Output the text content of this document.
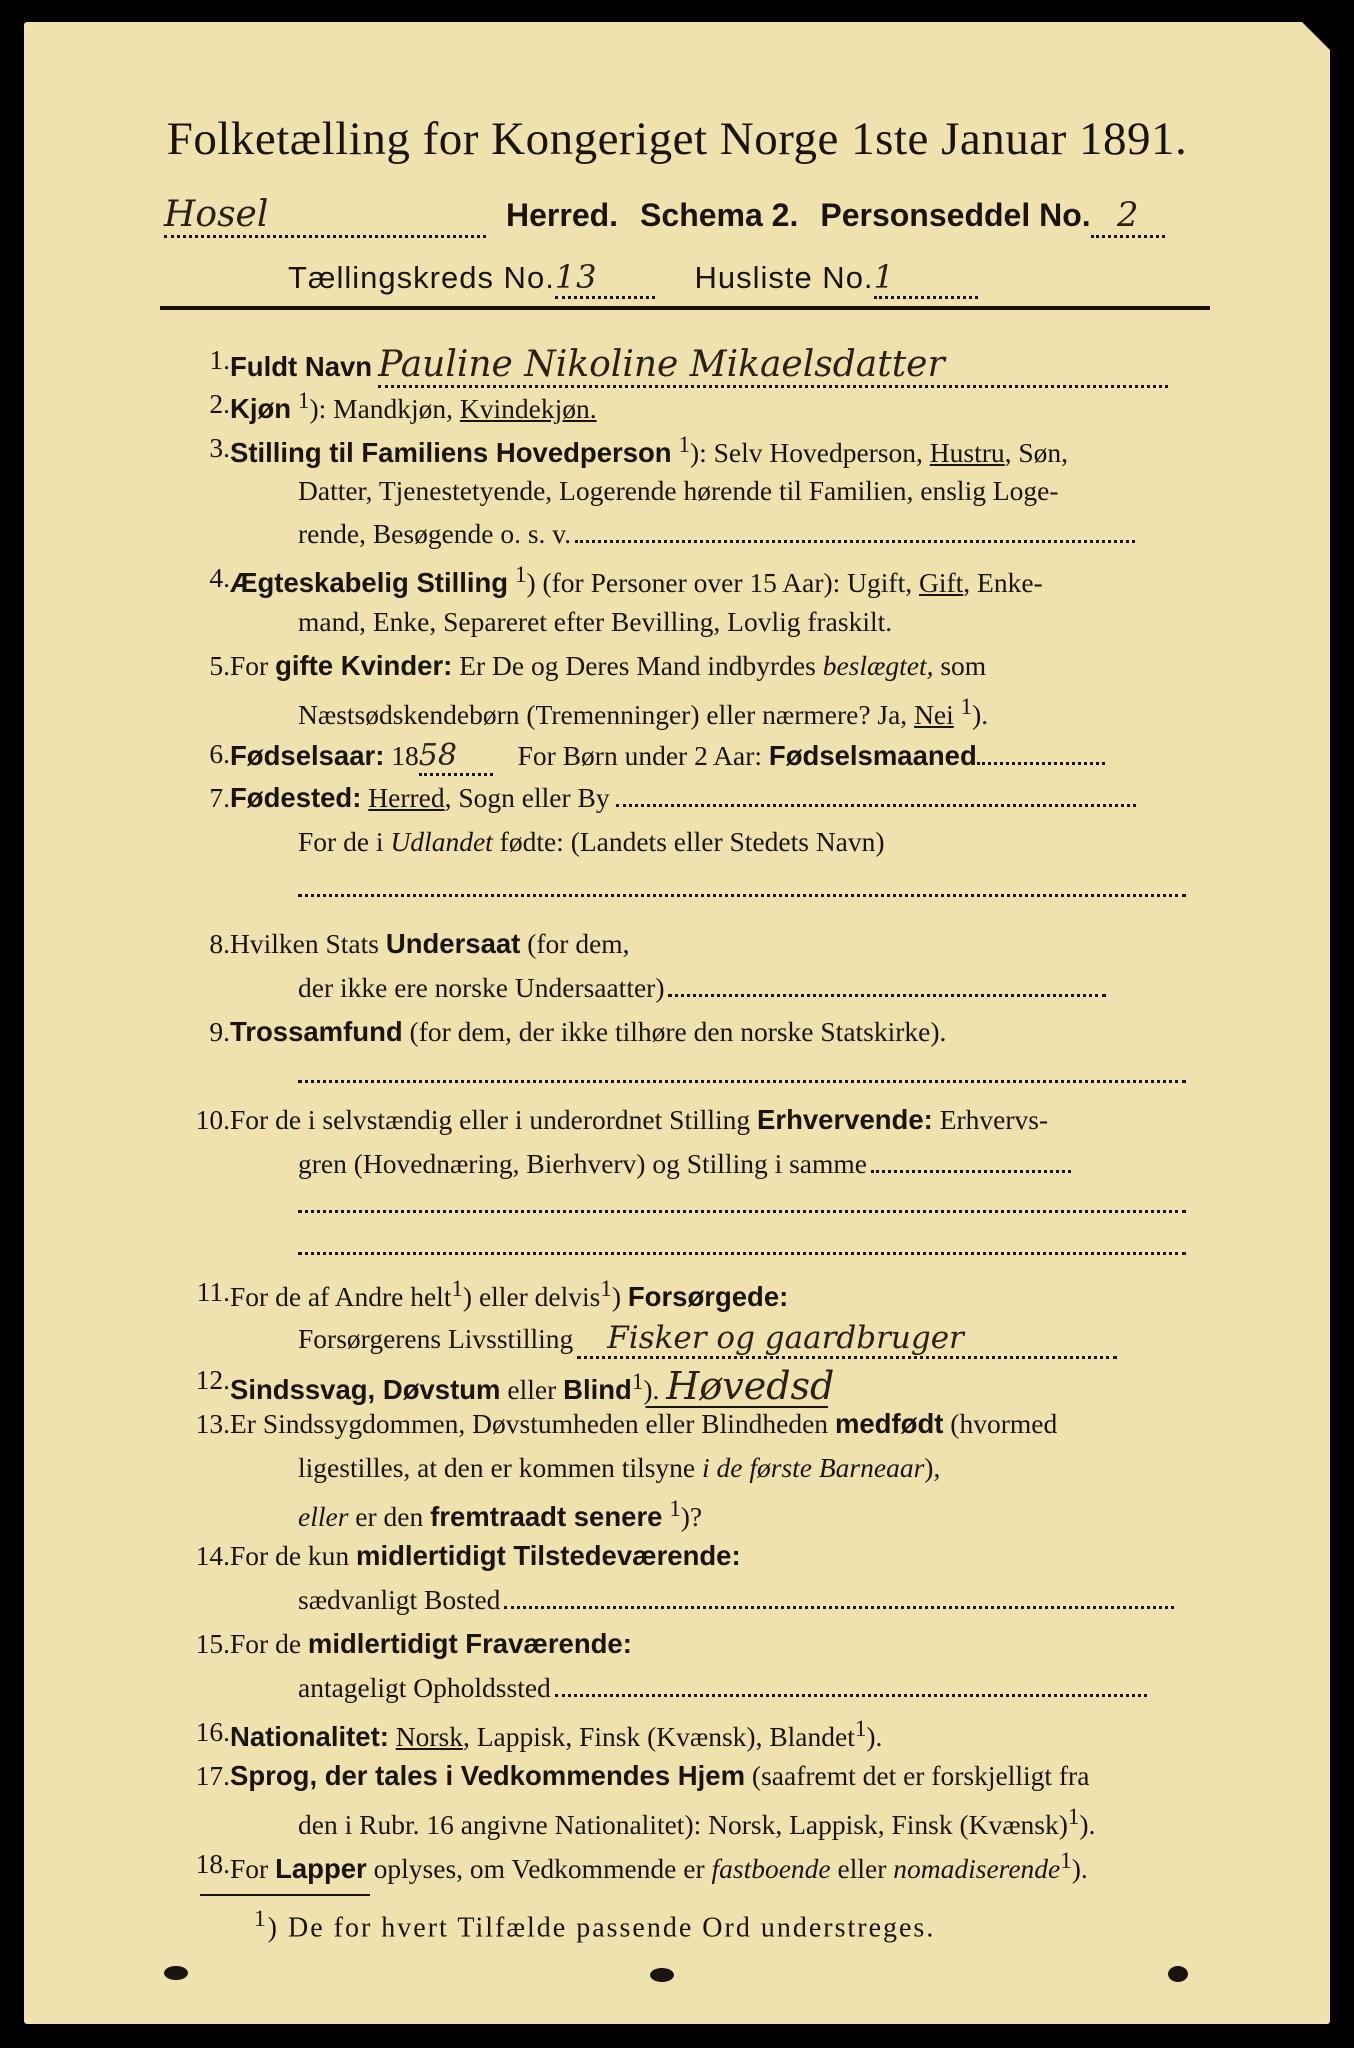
Folketælling for Kongeriget Norge 1ste Januar 1891.
Hosel	Herred. Schema 2. Personseddel No. 2
Tællingskreds No.13	Husliste No.1
1. Fuldt Navn Pauline Nikoline Mikaelsdatter
2. Kjøn $^1$): Mandkjøn, Kvindekjøn.
3. Stilling til Familiens Hovedperson $^1$): Selv Hovedperson, Hustru, Søn,
Datter, Tjenestetyende, Logerende hørende til Familien, enslig Loge-
rende, Besøgende o. s. v.
4. Ægteskabelig Stilling $^1$) (for Personer over 15 Aar): Ugift, Gift, Enke-
mand, Enke, Separeret efter Bevilling, Lovlig fraskilt.
5. For gifte Kvinder: Er De og Deres Mand indbyrdes beslægtet, som
Næstsødskendebørn (Tremenninger) eller nærmere? Ja, Nei $^1$).
6. Fødselsaar: 1858 For Børn under 2 Aar: Fødselsmaaned
7. Fødested: Herred, Sogn eller By
For de i Udlandet fødte: (Landets eller Stedets Navn)
8. Hvilken Stats Undersaat (for dem,
der ikke ere norske Undersaatter)
9. Trossamfund (for dem, der ikke tilhøre den norske Statskirke).
10. For de i selvstændig eller i underordnet Stilling Erhvervende: Erhvervs-
gren (Hovednæring, Bierhverv) og Stilling i samme
11. For de af Andre helt$^1$) eller delvis$^1$) Forsørgede:
Forsørgerens Livsstilling Fisker og gaardbruger
12. Sindssvag, Døvstum eller Blind$^1$). Høvedsd
13. Er Sindssygdommen, Døvstumheden eller Blindheden medfødt (hvormed
ligestilles, at den er kommen tilsyne i de første Barneaar),
eller er den fremtraadt senere $^1$)?
14. For de kun midlertidigt Tilstedeværende:
sædvanligt Bosted
15. For de midlertidigt Fraværende:
antageligt Opholdssted
16. Nationalitet: Norsk, Lappisk, Finsk (Kvænsk), Blandet$^1$).
17. Sprog, der tales i Vedkommendes Hjem (saafremt det er forskjelligt fra
den i Rubr. 16 angivne Nationalitet): Norsk, Lappisk, Finsk (Kvænsk)$^1$).
18. For Lapper oplyses, om Vedkommende er fastboende eller nomadiserende$^1$).
$^1$) De for hvert Tilfælde passende Ord understreges.
